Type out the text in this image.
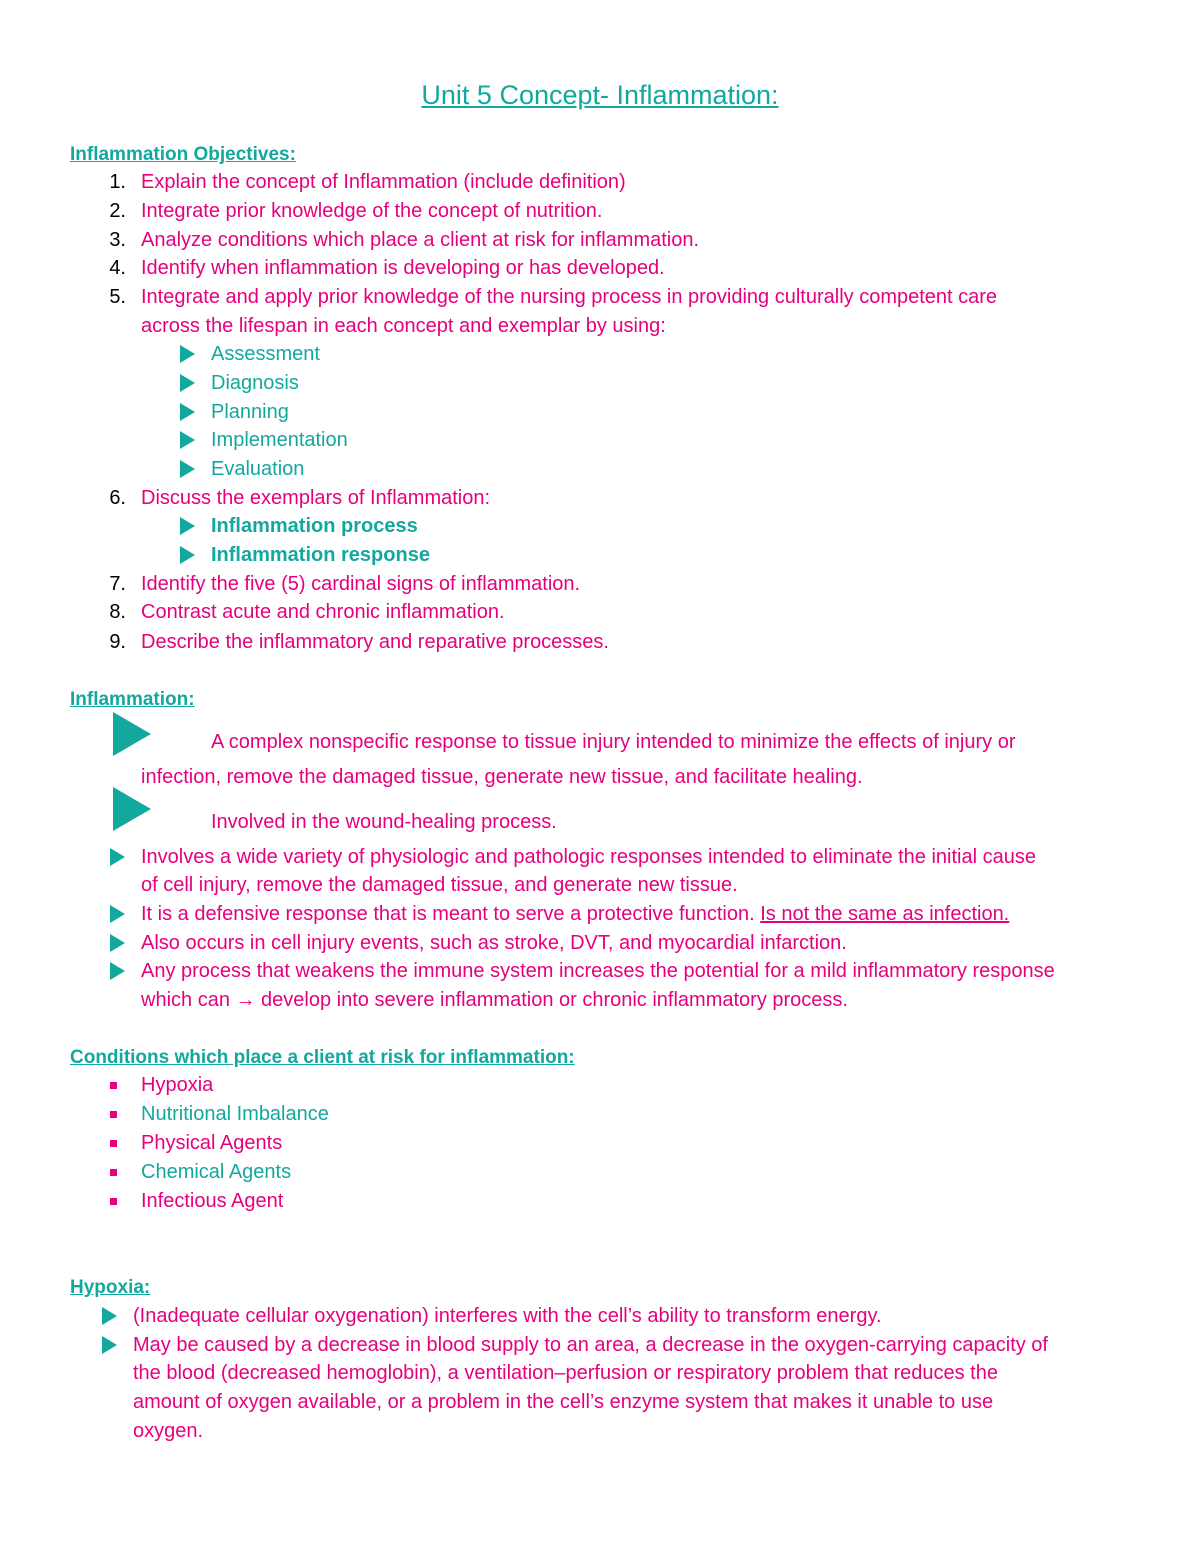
Unit 5 Concept- Inflammation:
Inflammation Objectives:
1. Explain the concept of Inflammation (include definition)
2. Integrate prior knowledge of the concept of nutrition.
3. Analyze conditions which place a client at risk for inflammation.
4. Identify when inflammation is developing or has developed.
5. Integrate and apply prior knowledge of the nursing process in providing culturally competent care
across the lifespan in each concept and exemplar by using:
Assessment
Diagnosis
Planning
Implementation
Evaluation
6. Discuss the exemplars of Inflammation:
Inflammation process
Inflammation response
7. Identify the five (5) cardinal signs of inflammation.
8. Contrast acute and chronic inflammation.
9. Describe the inflammatory and reparative processes.
Inflammation:
A complex nonspecific response to tissue injury intended to minimize the effects of injury or
infection, remove the damaged tissue, generate new tissue, and facilitate healing.
Involved in the wound-healing process.
Involves a wide variety of physiologic and pathologic responses intended to eliminate the initial cause
of cell injury, remove the damaged tissue, and generate new tissue.
It is a defensive response that is meant to serve a protective function. Is not the same as infection.
Also occurs in cell injury events, such as stroke, DVT, and myocardial infarction.
Any process that weakens the immune system increases the potential for a mild inflammatory response
which can → develop into severe inflammation or chronic inflammatory process.
Conditions which place a client at risk for inflammation:
Hypoxia
Nutritional Imbalance
Physical Agents
Chemical Agents
Infectious Agent
Hypoxia:
(Inadequate cellular oxygenation) interferes with the cell’s ability to transform energy.
May be caused by a decrease in blood supply to an area, a decrease in the oxygen-carrying capacity of
the blood (decreased hemoglobin), a ventilation–perfusion or respiratory problem that reduces the
amount of oxygen available, or a problem in the cell’s enzyme system that makes it unable to use
oxygen.
